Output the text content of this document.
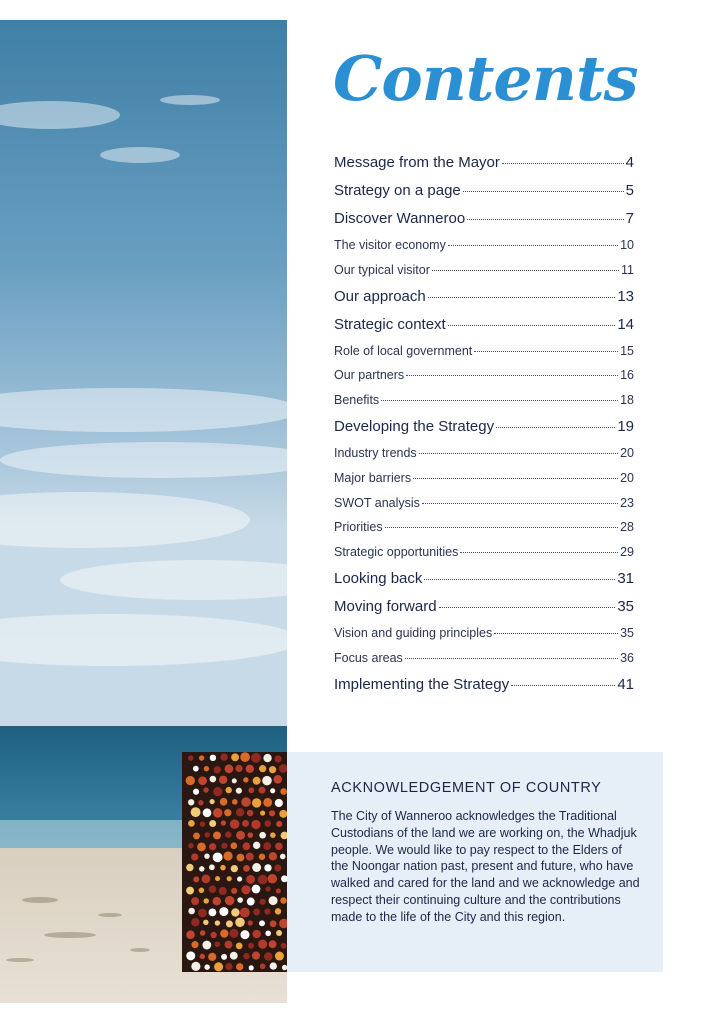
Contents
Message from the Mayor	4
Strategy on a page	5
Discover Wanneroo	7
The visitor economy	10
Our typical visitor	11
Our approach	13
Strategic context	14
Role of local government	15
Our partners	16
Benefits	18
Developing the Strategy	19
Industry trends	20
Major barriers	20
SWOT analysis	23
Priorities	28
Strategic opportunities	29
Looking back	31
Moving forward	35
Vision and guiding principles	35
Focus areas	36
Implementing the Strategy	41
ACKNOWLEDGEMENT OF COUNTRY

The City of Wanneroo acknowledges the Traditional Custodians of the land we are working on, the Whadjuk people. We would like to pay respect to the Elders of the Noongar nation past, present and future, who have walked and cared for the land and we acknowledge and respect their continuing culture and the contributions made to the life of the City and this region.
